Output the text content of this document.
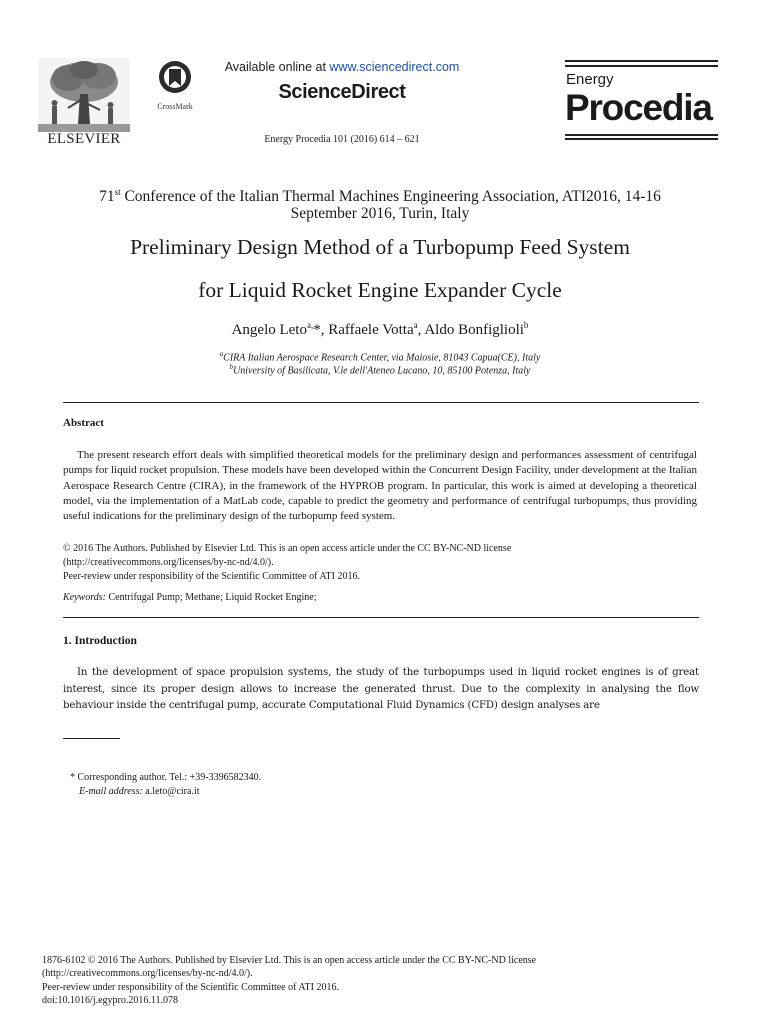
ELSEVIER
CrossMark
Available online at www.sciencedirect.com
ScienceDirect
Energy Procedia 101 (2016) 614 – 621
Energy
Procedia
71st Conference of the Italian Thermal Machines Engineering Association, ATI2016, 14-16
September 2016, Turin, Italy
Preliminary Design Method of a Turbopump Feed System
for Liquid Rocket Engine Expander Cycle
Angelo Leto$^{a,}$*, Raffaele Votta$^a$, Aldo Bonfiglioli$^b$
$^a$CIRA Italian Aerospace Research Center, via Maiosie, 81043 Capua(CE), Italy
$^b$University of Basilicata, V.le dell'Ateneo Lucano, 10, 85100 Potenza, Italy
Abstract
The present research effort deals with simplified theoretical models for the preliminary design and performances assessment of centrifugal pumps for liquid rocket propulsion. These models have been developed within the Concurrent Design Facility, under development at the Italian Aerospace Research Centre (CIRA), in the framework of the HYPROB program. In particular, this work is aimed at developing a theoretical model, via the implementation of a MatLab code, capable to predict the geometry and performance of centrifugal turbopumps, thus providing useful indications for the preliminary design of the turbopump feed system.
© 2016 The Authors. Published by Elsevier Ltd. This is an open access article under the CC BY-NC-ND license
(http://creativecommons.org/licenses/by-nc-nd/4.0/).
Peer-review under responsibility of the Scientific Committee of ATI 2016.
Keywords: Centrifugal Pump; Methane; Liquid Rocket Engine;
1. Introduction
In the development of space propulsion systems, the study of the turbopumps used in liquid rocket engines is of great interest, since its proper design allows to increase the generated thrust. Due to the complexity in analysing the flow behaviour inside the centrifugal pump, accurate Computational Fluid Dynamics (CFD) design analyses are
* Corresponding author. Tel.: +39-3396582340.
E-mail address: a.leto@cira.it
1876-6102 © 2016 The Authors. Published by Elsevier Ltd. This is an open access article under the CC BY-NC-ND license
(http://creativecommons.org/licenses/by-nc-nd/4.0/).
Peer-review under responsibility of the Scientific Committee of ATI 2016.
doi:10.1016/j.egypro.2016.11.078
